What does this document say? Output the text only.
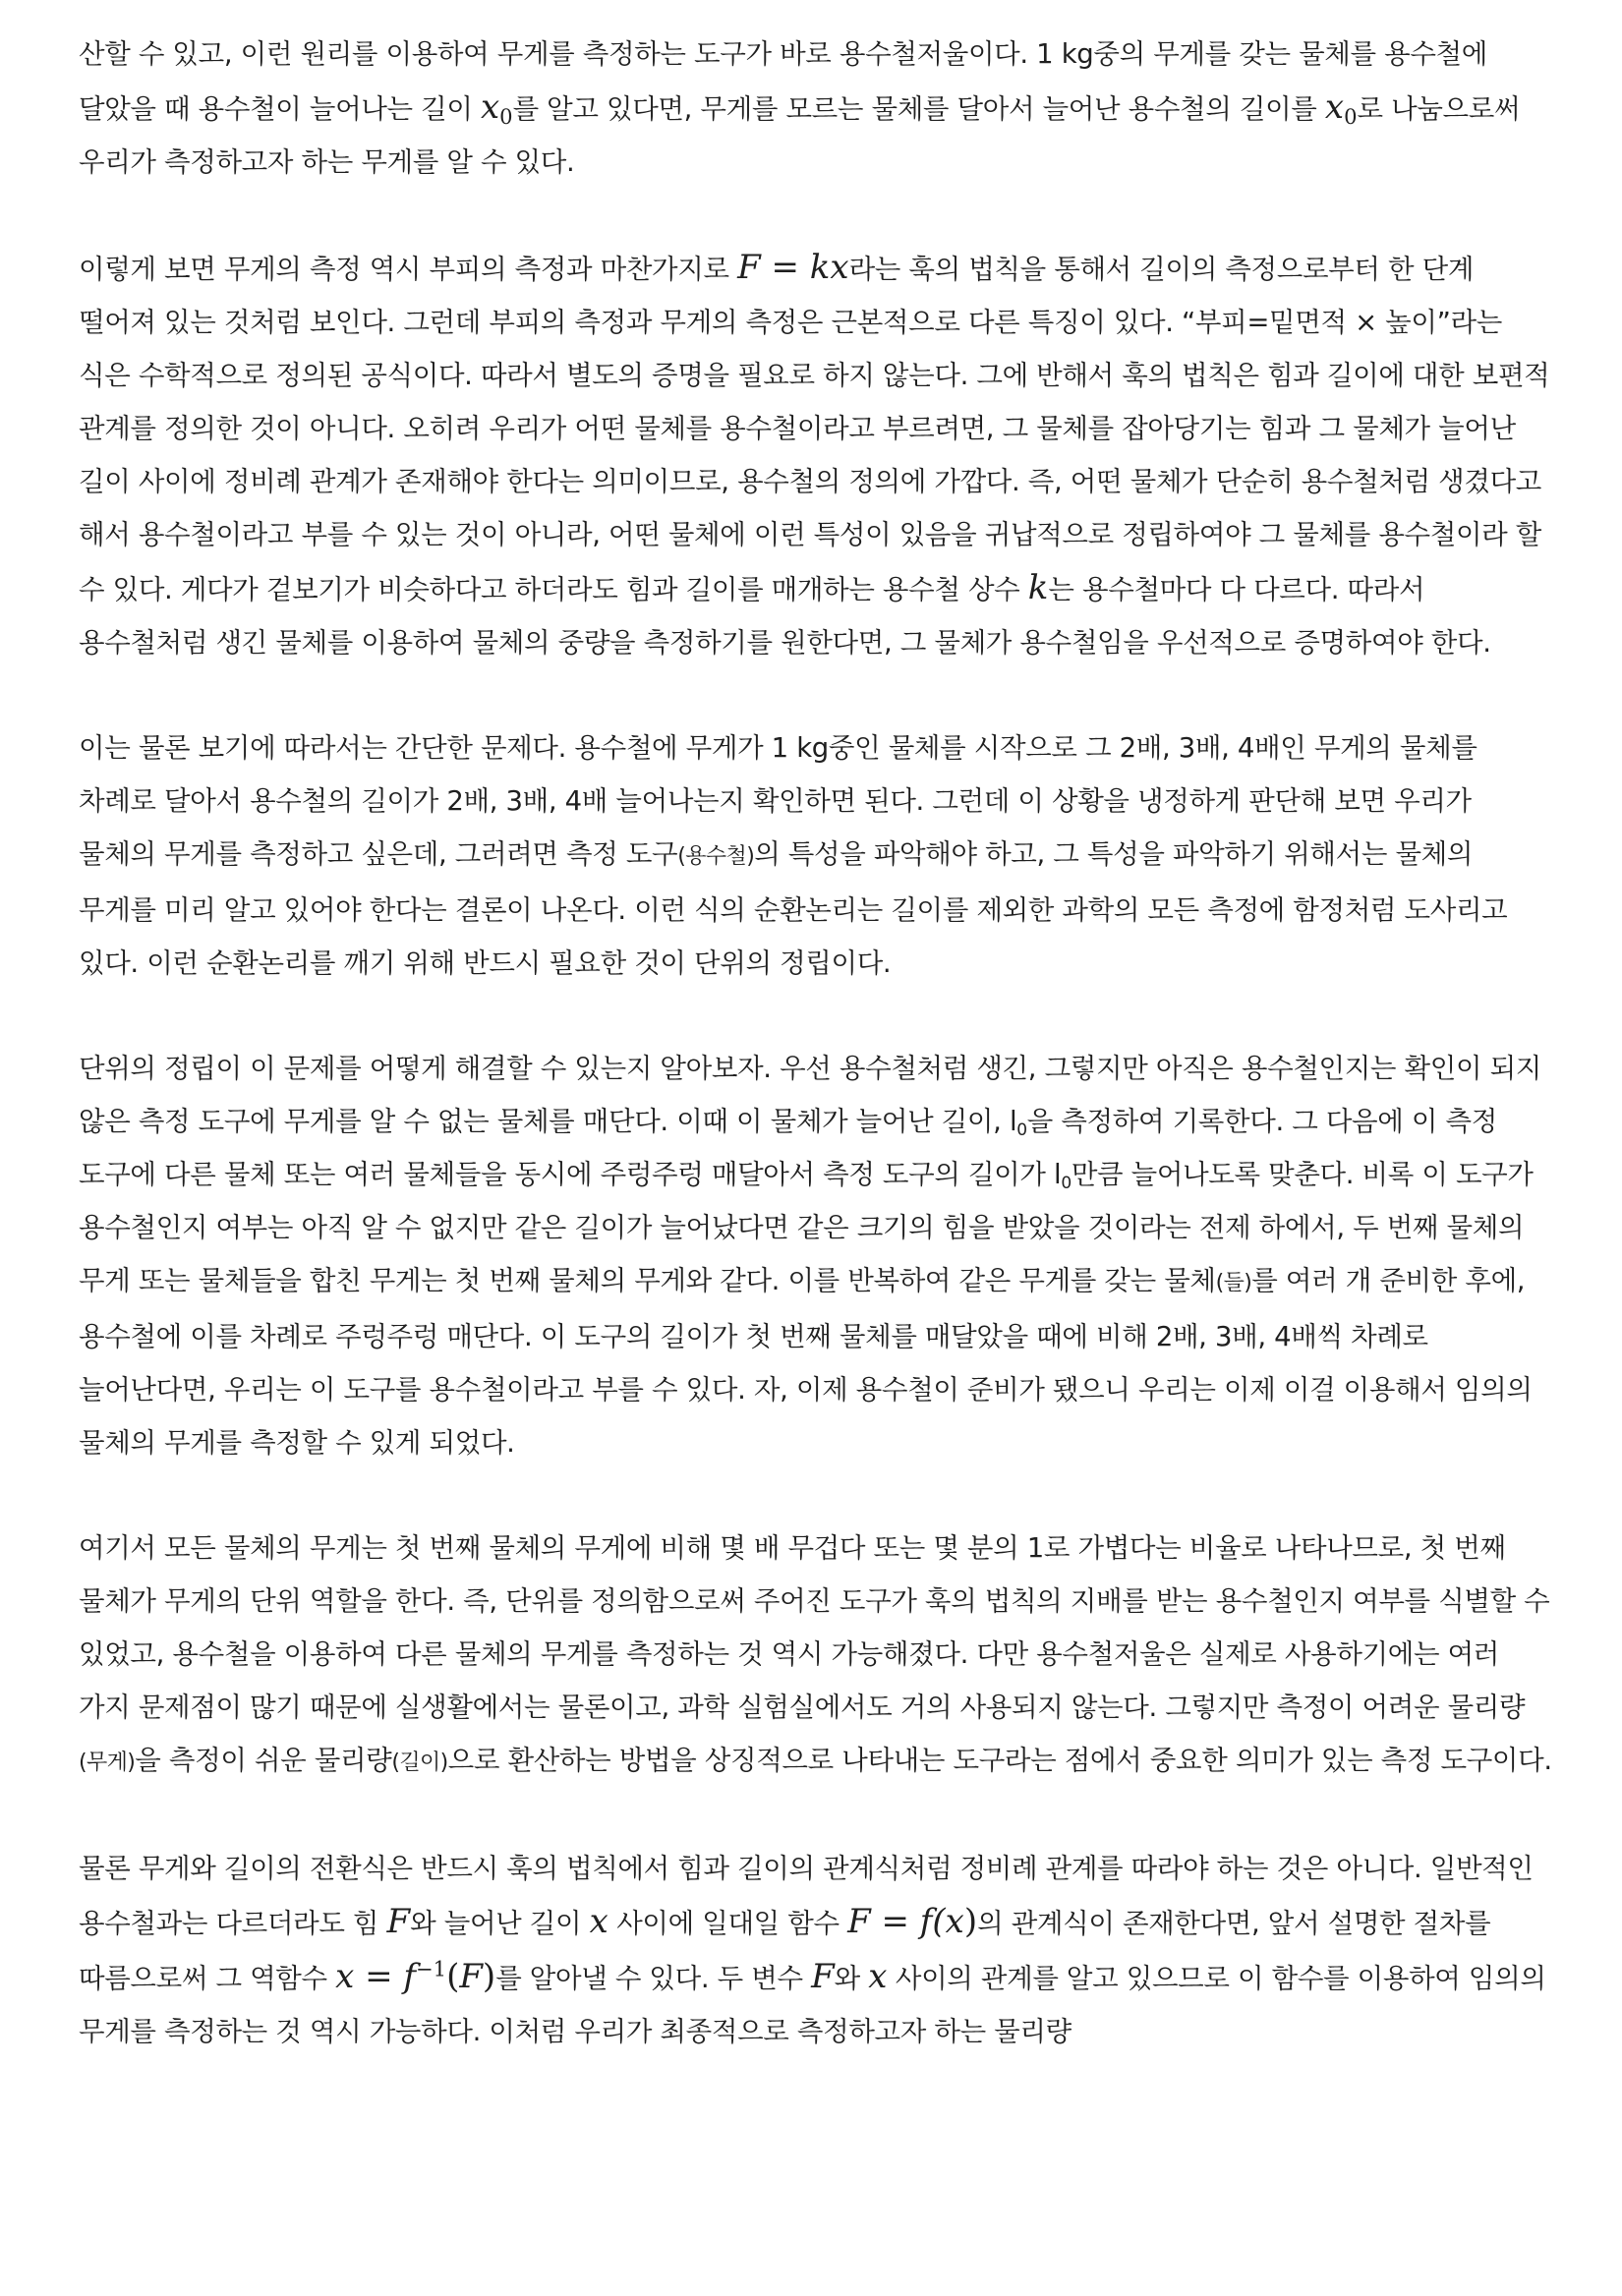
산할 수 있고, 이런 원리를 이용하여 무게를 측정하는 도구가 바로 용수철저울이다. 1 kg중의 무게를 갖는 물체를 용수철에 달았을 때 용수철이 늘어나는 길이 $x_0$를 알고 있다면, 무게를 모르는 물체를 달아서 늘어난 용수철의 길이를 $x_0$로 나눔으로써 우리가 측정하고자 하는 무게를 알 수 있다.

이렇게 보면 무게의 측정 역시 부피의 측정과 마찬가지로 F = kx라는 훅의 법칙을 통해서 길이의 측정으로부터 한 단계 떨어져 있는 것처럼 보인다. 그런데 부피의 측정과 무게의 측정은 근본적으로 다른 특징이 있다. “부피=밑면적 × 높이”라는 식은 수학적으로 정의된 공식이다. 따라서 별도의 증명을 필요로 하지 않는다. 그에 반해서 훅의 법칙은 힘과 길이에 대한 보편적 관계를 정의한 것이 아니다. 오히려 우리가 어떤 물체를 용수철이라고 부르려면, 그 물체를 잡아당기는 힘과 그 물체가 늘어난 길이 사이에 정비례 관계가 존재해야 한다는 의미이므로, 용수철의 정의에 가깝다. 즉, 어떤 물체가 단순히 용수철처럼 생겼다고 해서 용수철이라고 부를 수 있는 것이 아니라, 어떤 물체에 이런 특성이 있음을 귀납적으로 정립하여야 그 물체를 용수철이라 할 수 있다. 게다가 겉보기가 비슷하다고 하더라도 힘과 길이를 매개하는 용수철 상수 k는 용수철마다 다 다르다. 따라서 용수철처럼 생긴 물체를 이용하여 물체의 중량을 측정하기를 원한다면, 그 물체가 용수철임을 우선적으로 증명하여야 한다.

이는 물론 보기에 따라서는 간단한 문제다. 용수철에 무게가 1 kg중인 물체를 시작으로 그 2배, 3배, 4배인 무게의 물체를 차례로 달아서 용수철의 길이가 2배, 3배, 4배 늘어나는지 확인하면 된다. 그런데 이 상황을 냉정하게 판단해 보면 우리가 물체의 무게를 측정하고 싶은데, 그러려면 측정 도구(용수철)의 특성을 파악해야 하고, 그 특성을 파악하기 위해서는 물체의 무게를 미리 알고 있어야 한다는 결론이 나온다. 이런 식의 순환논리는 길이를 제외한 과학의 모든 측정에 함정처럼 도사리고 있다. 이런 순환논리를 깨기 위해 반드시 필요한 것이 단위의 정립이다.

단위의 정립이 이 문제를 어떻게 해결할 수 있는지 알아보자. 우선 용수철처럼 생긴, 그렇지만 아직은 용수철인지는 확인이 되지 않은 측정 도구에 무게를 알 수 없는 물체를 매단다. 이때 이 물체가 늘어난 길이, $l_0$을 측정하여 기록한다. 그 다음에 이 측정 도구에 다른 물체 또는 여러 물체들을 동시에 주렁주렁 매달아서 측정 도구의 길이가 $l_0$만큼 늘어나도록 맞춘다. 비록 이 도구가 용수철인지 여부는 아직 알 수 없지만 같은 길이가 늘어났다면 같은 크기의 힘을 받았을 것이라는 전제 하에서, 두 번째 물체의 무게 또는 물체들을 합친 무게는 첫 번째 물체의 무게와 같다. 이를 반복하여 같은 무게를 갖는 물체(들)를 여러 개 준비한 후에, 용수철에 이를 차례로 주렁주렁 매단다. 이 도구의 길이가 첫 번째 물체를 매달았을 때에 비해 2배, 3배, 4배씩 차례로 늘어난다면, 우리는 이 도구를 용수철이라고 부를 수 있다. 자, 이제 용수철이 준비가 됐으니 우리는 이제 이걸 이용해서 임의의 물체의 무게를 측정할 수 있게 되었다.

여기서 모든 물체의 무게는 첫 번째 물체의 무게에 비해 몇 배 무겁다 또는 몇 분의 1로 가볍다는 비율로 나타나므로, 첫 번째 물체가 무게의 단위 역할을 한다. 즉, 단위를 정의함으로써 주어진 도구가 훅의 법칙의 지배를 받는 용수철인지 여부를 식별할 수 있었고, 용수철을 이용하여 다른 물체의 무게를 측정하는 것 역시 가능해졌다. 다만 용수철저울은 실제로 사용하기에는 여러 가지 문제점이 많기 때문에 실생활에서는 물론이고, 과학 실험실에서도 거의 사용되지 않는다. 그렇지만 측정이 어려운 물리량(무게)을 측정이 쉬운 물리량(길이)으로 환산하는 방법을 상징적으로 나타내는 도구라는 점에서 중요한 의미가 있는 측정 도구이다.

물론 무게와 길이의 전환식은 반드시 훅의 법칙에서 힘과 길이의 관계식처럼 정비례 관계를 따라야 하는 것은 아니다. 일반적인 용수철과는 다르더라도 힘 F와 늘어난 길이 x 사이에 일대일 함수 F = f(x)의 관계식이 존재한다면, 앞서 설명한 절차를 따름으로써 그 역함수 $x = f^{-1}(F)$를 알아낼 수 있다. 두 변수 F와 x 사이의 관계를 알고 있으므로 이 함수를 이용하여 임의의 무게를 측정하는 것 역시 가능하다. 이처럼 우리가 최종적으로 측정하고자 하는 물리량
